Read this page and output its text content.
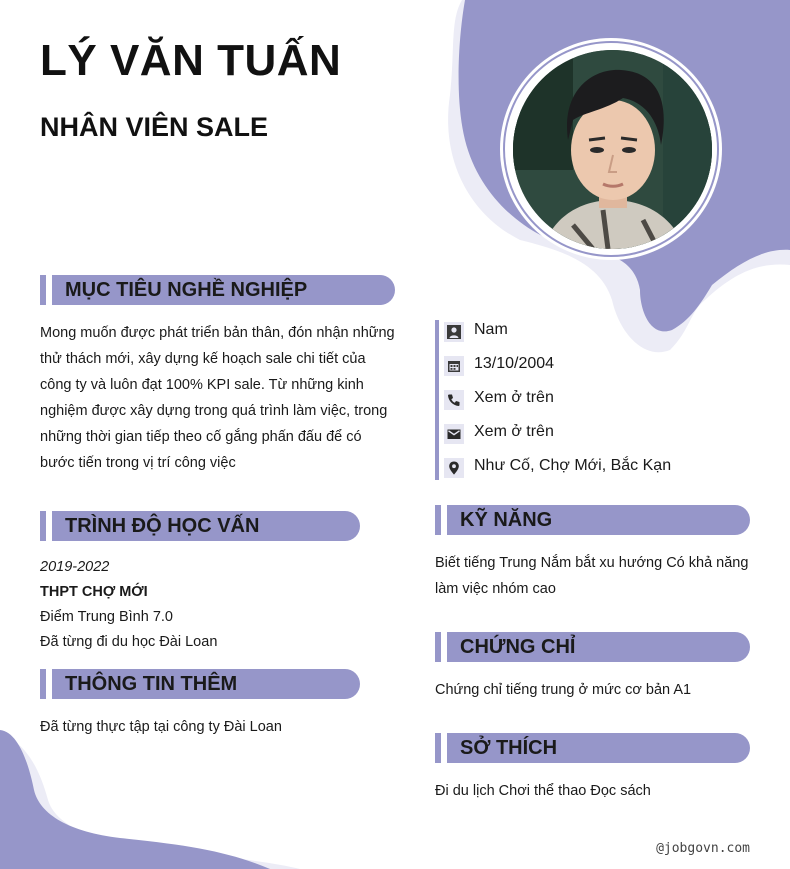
LÝ VĂN TUẤN
NHÂN VIÊN SALE
MỤC TIÊU NGHỀ NGHIỆP

Mong muốn được phát triển bản thân, đón nhận những thử thách mới, xây dựng kế hoạch sale chi tiết của công ty và luôn đạt 100% KPI sale. Từ những kinh nghiệm được xây dựng trong quá trình làm việc, trong những thời gian tiếp theo cố gắng phấn đấu để có bước tiến trong vị trí công việc

TRÌNH ĐỘ HỌC VẤN

2019-2022

THPT CHỢ MỚI

Điểm Trung Bình 7.0

Đã từng đi du học Đài Loan

THÔNG TIN THÊM

Đã từng thực tập tại công ty Đài Loan

Nam
13/10/2004
Xem ở trên
Xem ở trên
Như Cố, Chợ Mới, Bắc Kạn
KỸ NĂNG

Biết tiếng Trung Nắm bắt xu hướng Có khả năng làm việc nhóm cao

CHỨNG CHỈ

Chứng chỉ tiếng trung ở mức cơ bản A1

SỞ THÍCH

Đi du lịch Chơi thể thao Đọc sách

@jobgovn.com
